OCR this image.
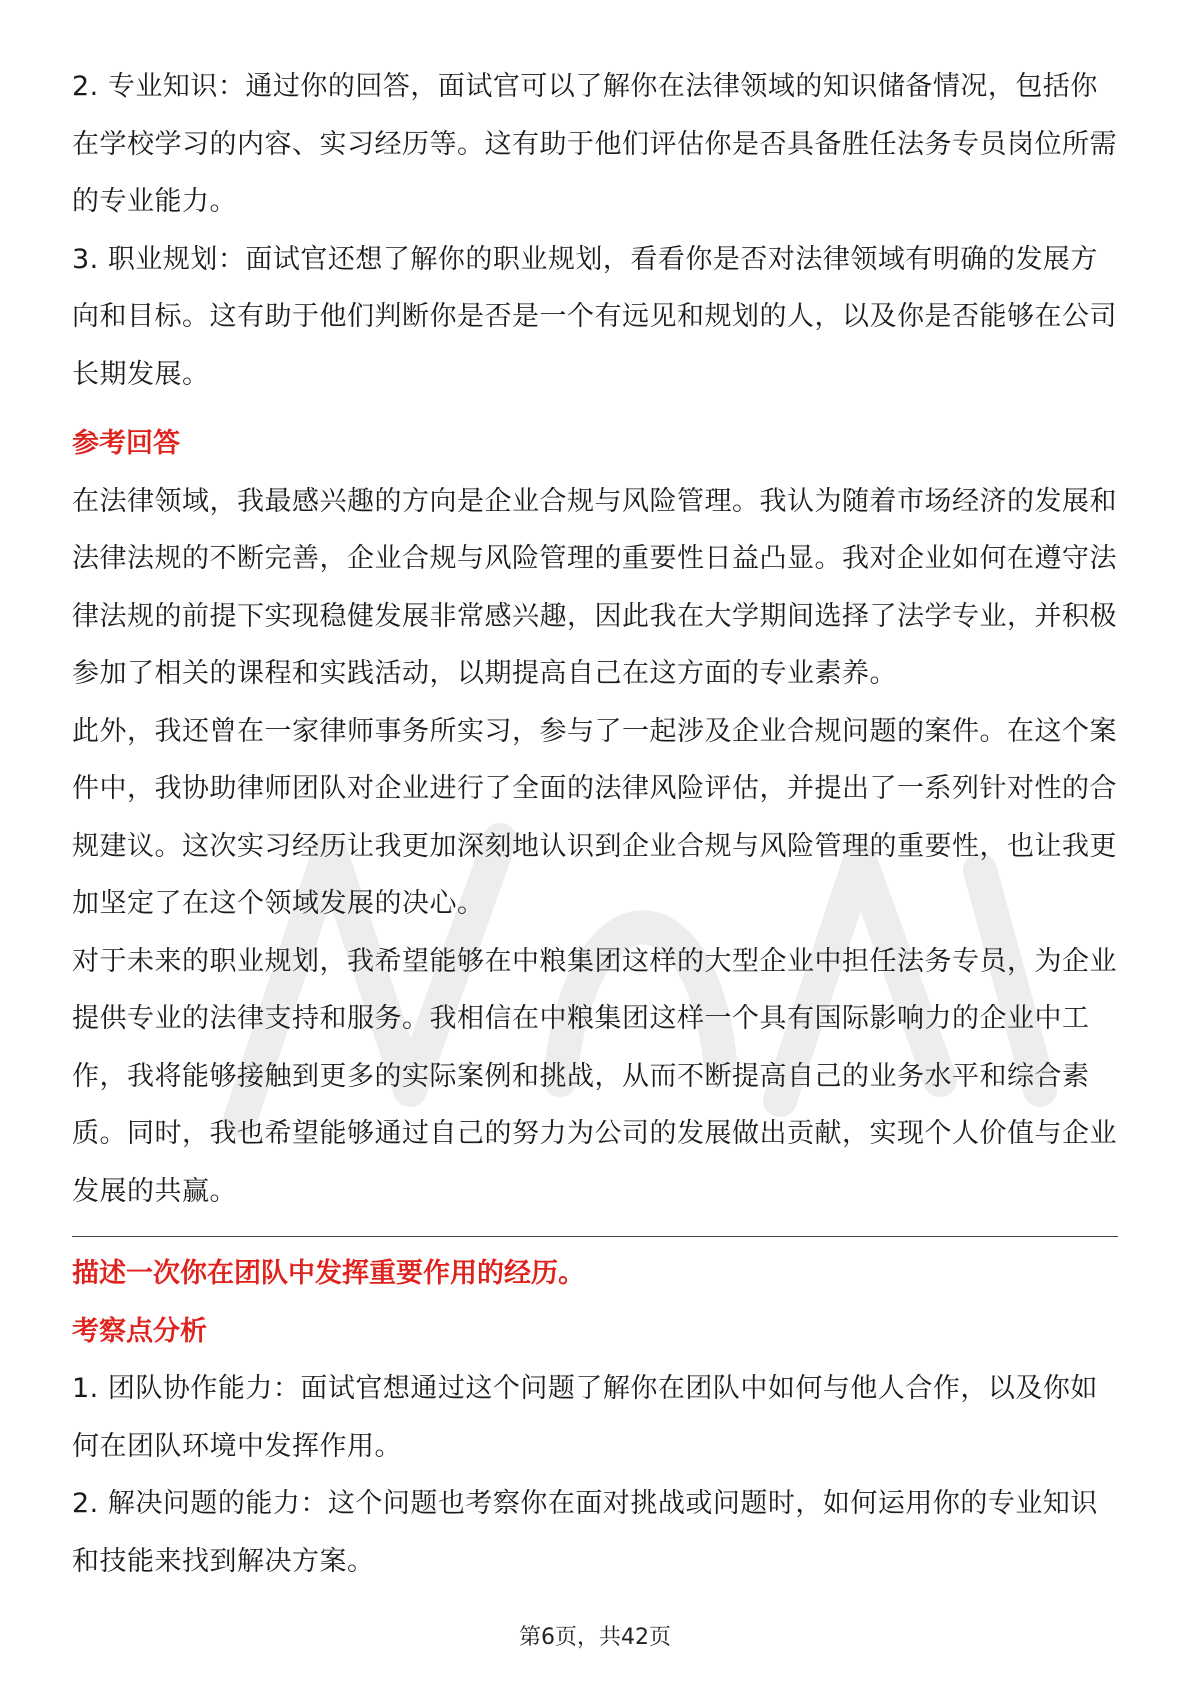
2. 专业知识：通过你的回答，面试官可以了解你在法律领域的知识储备情况，包括你在学校学习的内容、实习经历等。这有助于他们评估你是否具备胜任法务专员岗位所需的专业能力。

3. 职业规划：面试官还想了解你的职业规划，看看你是否对法律领域有明确的发展方向和目标。这有助于他们判断你是否是一个有远见和规划的人，以及你是否能够在公司长期发展。

参考回答

在法律领域，我最感兴趣的方向是企业合规与风险管理。我认为随着市场经济的发展和法律法规的不断完善，企业合规与风险管理的重要性日益凸显。我对企业如何在遵守法律法规的前提下实现稳健发展非常感兴趣，因此我在大学期间选择了法学专业，并积极参加了相关的课程和实践活动，以期提高自己在这方面的专业素养。

此外，我还曾在一家律师事务所实习，参与了一起涉及企业合规问题的案件。在这个案件中，我协助律师团队对企业进行了全面的法律风险评估，并提出了一系列针对性的合规建议。这次实习经历让我更加深刻地认识到企业合规与风险管理的重要性，也让我更加坚定了在这个领域发展的决心。

对于未来的职业规划，我希望能够在中粮集团这样的大型企业中担任法务专员，为企业提供专业的法律支持和服务。我相信在中粮集团这样一个具有国际影响力的企业中工作，我将能够接触到更多的实际案例和挑战，从而不断提高自己的业务水平和综合素质。同时，我也希望能够通过自己的努力为公司的发展做出贡献，实现个人价值与企业发展的共赢。

描述一次你在团队中发挥重要作用的经历。

考察点分析

1. 团队协作能力：面试官想通过这个问题了解你在团队中如何与他人合作，以及你如何在团队环境中发挥作用。

2. 解决问题的能力：这个问题也考察你在面对挑战或问题时，如何运用你的专业知识和技能来找到解决方案。

第6页，共42页
